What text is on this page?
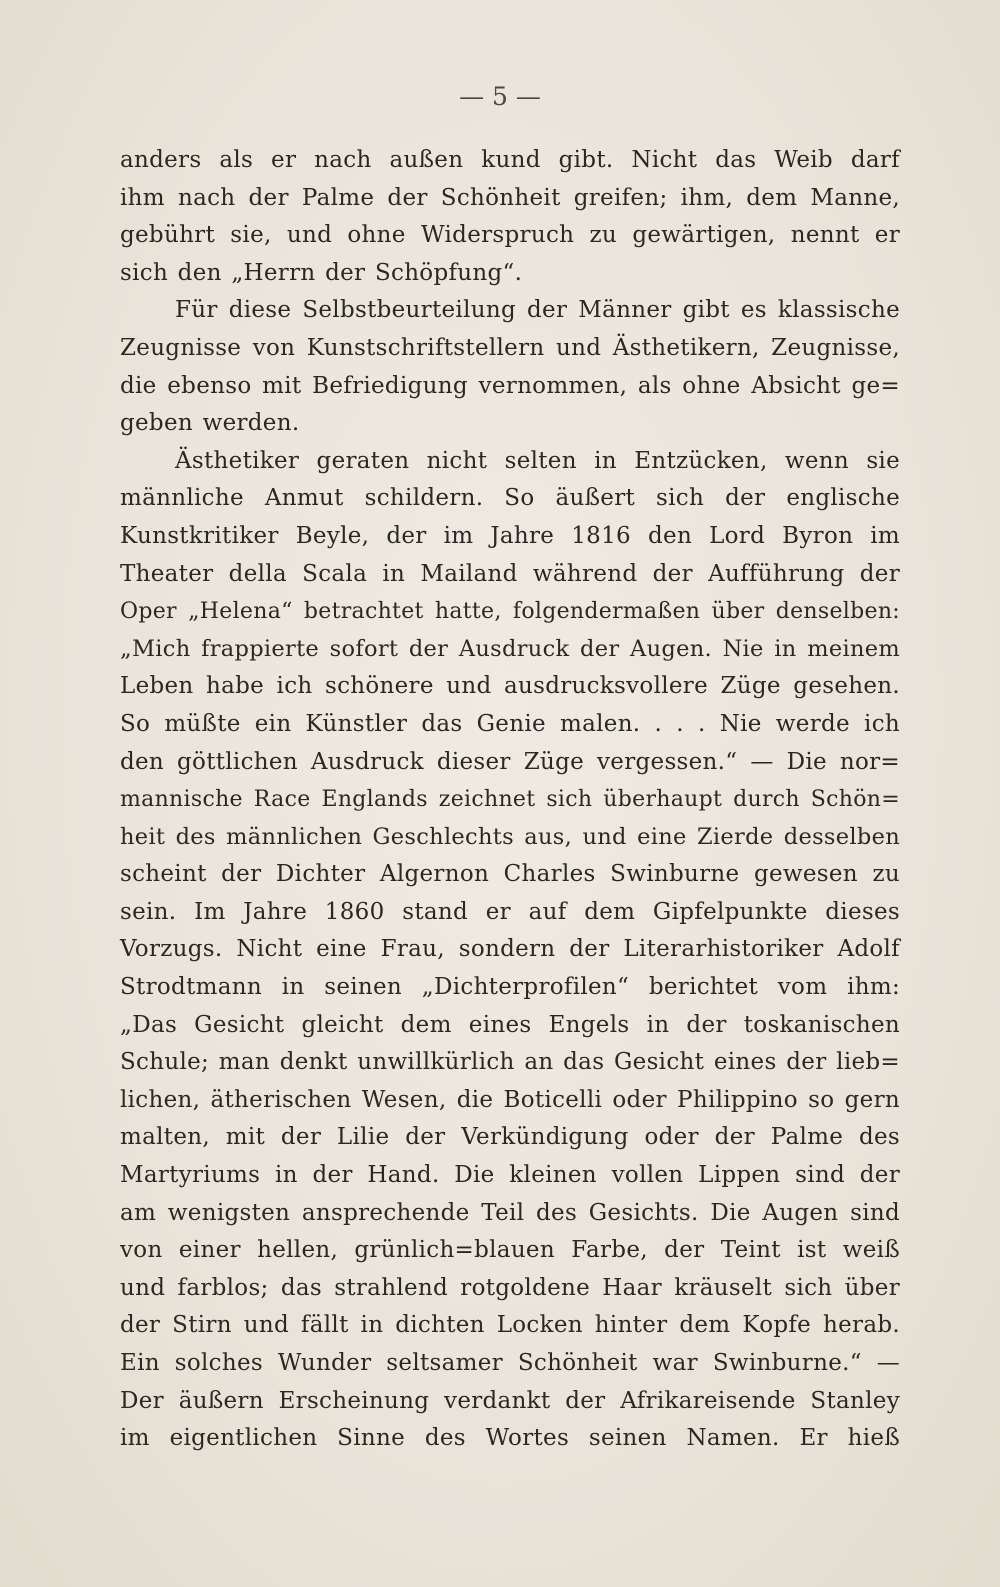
— 5 —
anders als er nach außen kund gibt. Nicht das Weib darf
ihm nach der Palme der Schönheit greifen; ihm, dem Manne,
gebührt sie, und ohne Widerspruch zu gewärtigen, nennt er
sich den „Herrn der Schöpfung“.
Für diese Selbstbeurteilung der Männer gibt es klassische
Zeugnisse von Kunstschriftstellern und Ästhetikern, Zeugnisse,
die ebenso mit Befriedigung vernommen, als ohne Absicht ge=
geben werden.
Ästhetiker geraten nicht selten in Entzücken, wenn sie
männliche Anmut schildern. So äußert sich der englische
Kunstkritiker Beyle, der im Jahre 1816 den Lord Byron im
Theater della Scala in Mailand während der Aufführung der
Oper „Helena“ betrachtet hatte, folgendermaßen über denselben:
„Mich frappierte sofort der Ausdruck der Augen. Nie in meinem
Leben habe ich schönere und ausdrucksvollere Züge gesehen.
So müßte ein Künstler das Genie malen. . . . Nie werde ich
den göttlichen Ausdruck dieser Züge vergessen.“ — Die nor=
mannische Race Englands zeichnet sich überhaupt durch Schön=
heit des männlichen Geschlechts aus, und eine Zierde desselben
scheint der Dichter Algernon Charles Swinburne gewesen zu
sein. Im Jahre 1860 stand er auf dem Gipfelpunkte dieses
Vorzugs. Nicht eine Frau, sondern der Literarhistoriker Adolf
Strodtmann in seinen „Dichterprofilen“ berichtet vom ihm:
„Das Gesicht gleicht dem eines Engels in der toskanischen
Schule; man denkt unwillkürlich an das Gesicht eines der lieb=
lichen, ätherischen Wesen, die Boticelli oder Philippino so gern
malten, mit der Lilie der Verkündigung oder der Palme des
Martyriums in der Hand. Die kleinen vollen Lippen sind der
am wenigsten ansprechende Teil des Gesichts. Die Augen sind
von einer hellen, grünlich=blauen Farbe, der Teint ist weiß
und farblos; das strahlend rotgoldene Haar kräuselt sich über
der Stirn und fällt in dichten Locken hinter dem Kopfe herab.
Ein solches Wunder seltsamer Schönheit war Swinburne.“ —
Der äußern Erscheinung verdankt der Afrikareisende Stanley
im eigentlichen Sinne des Wortes seinen Namen. Er hieß
